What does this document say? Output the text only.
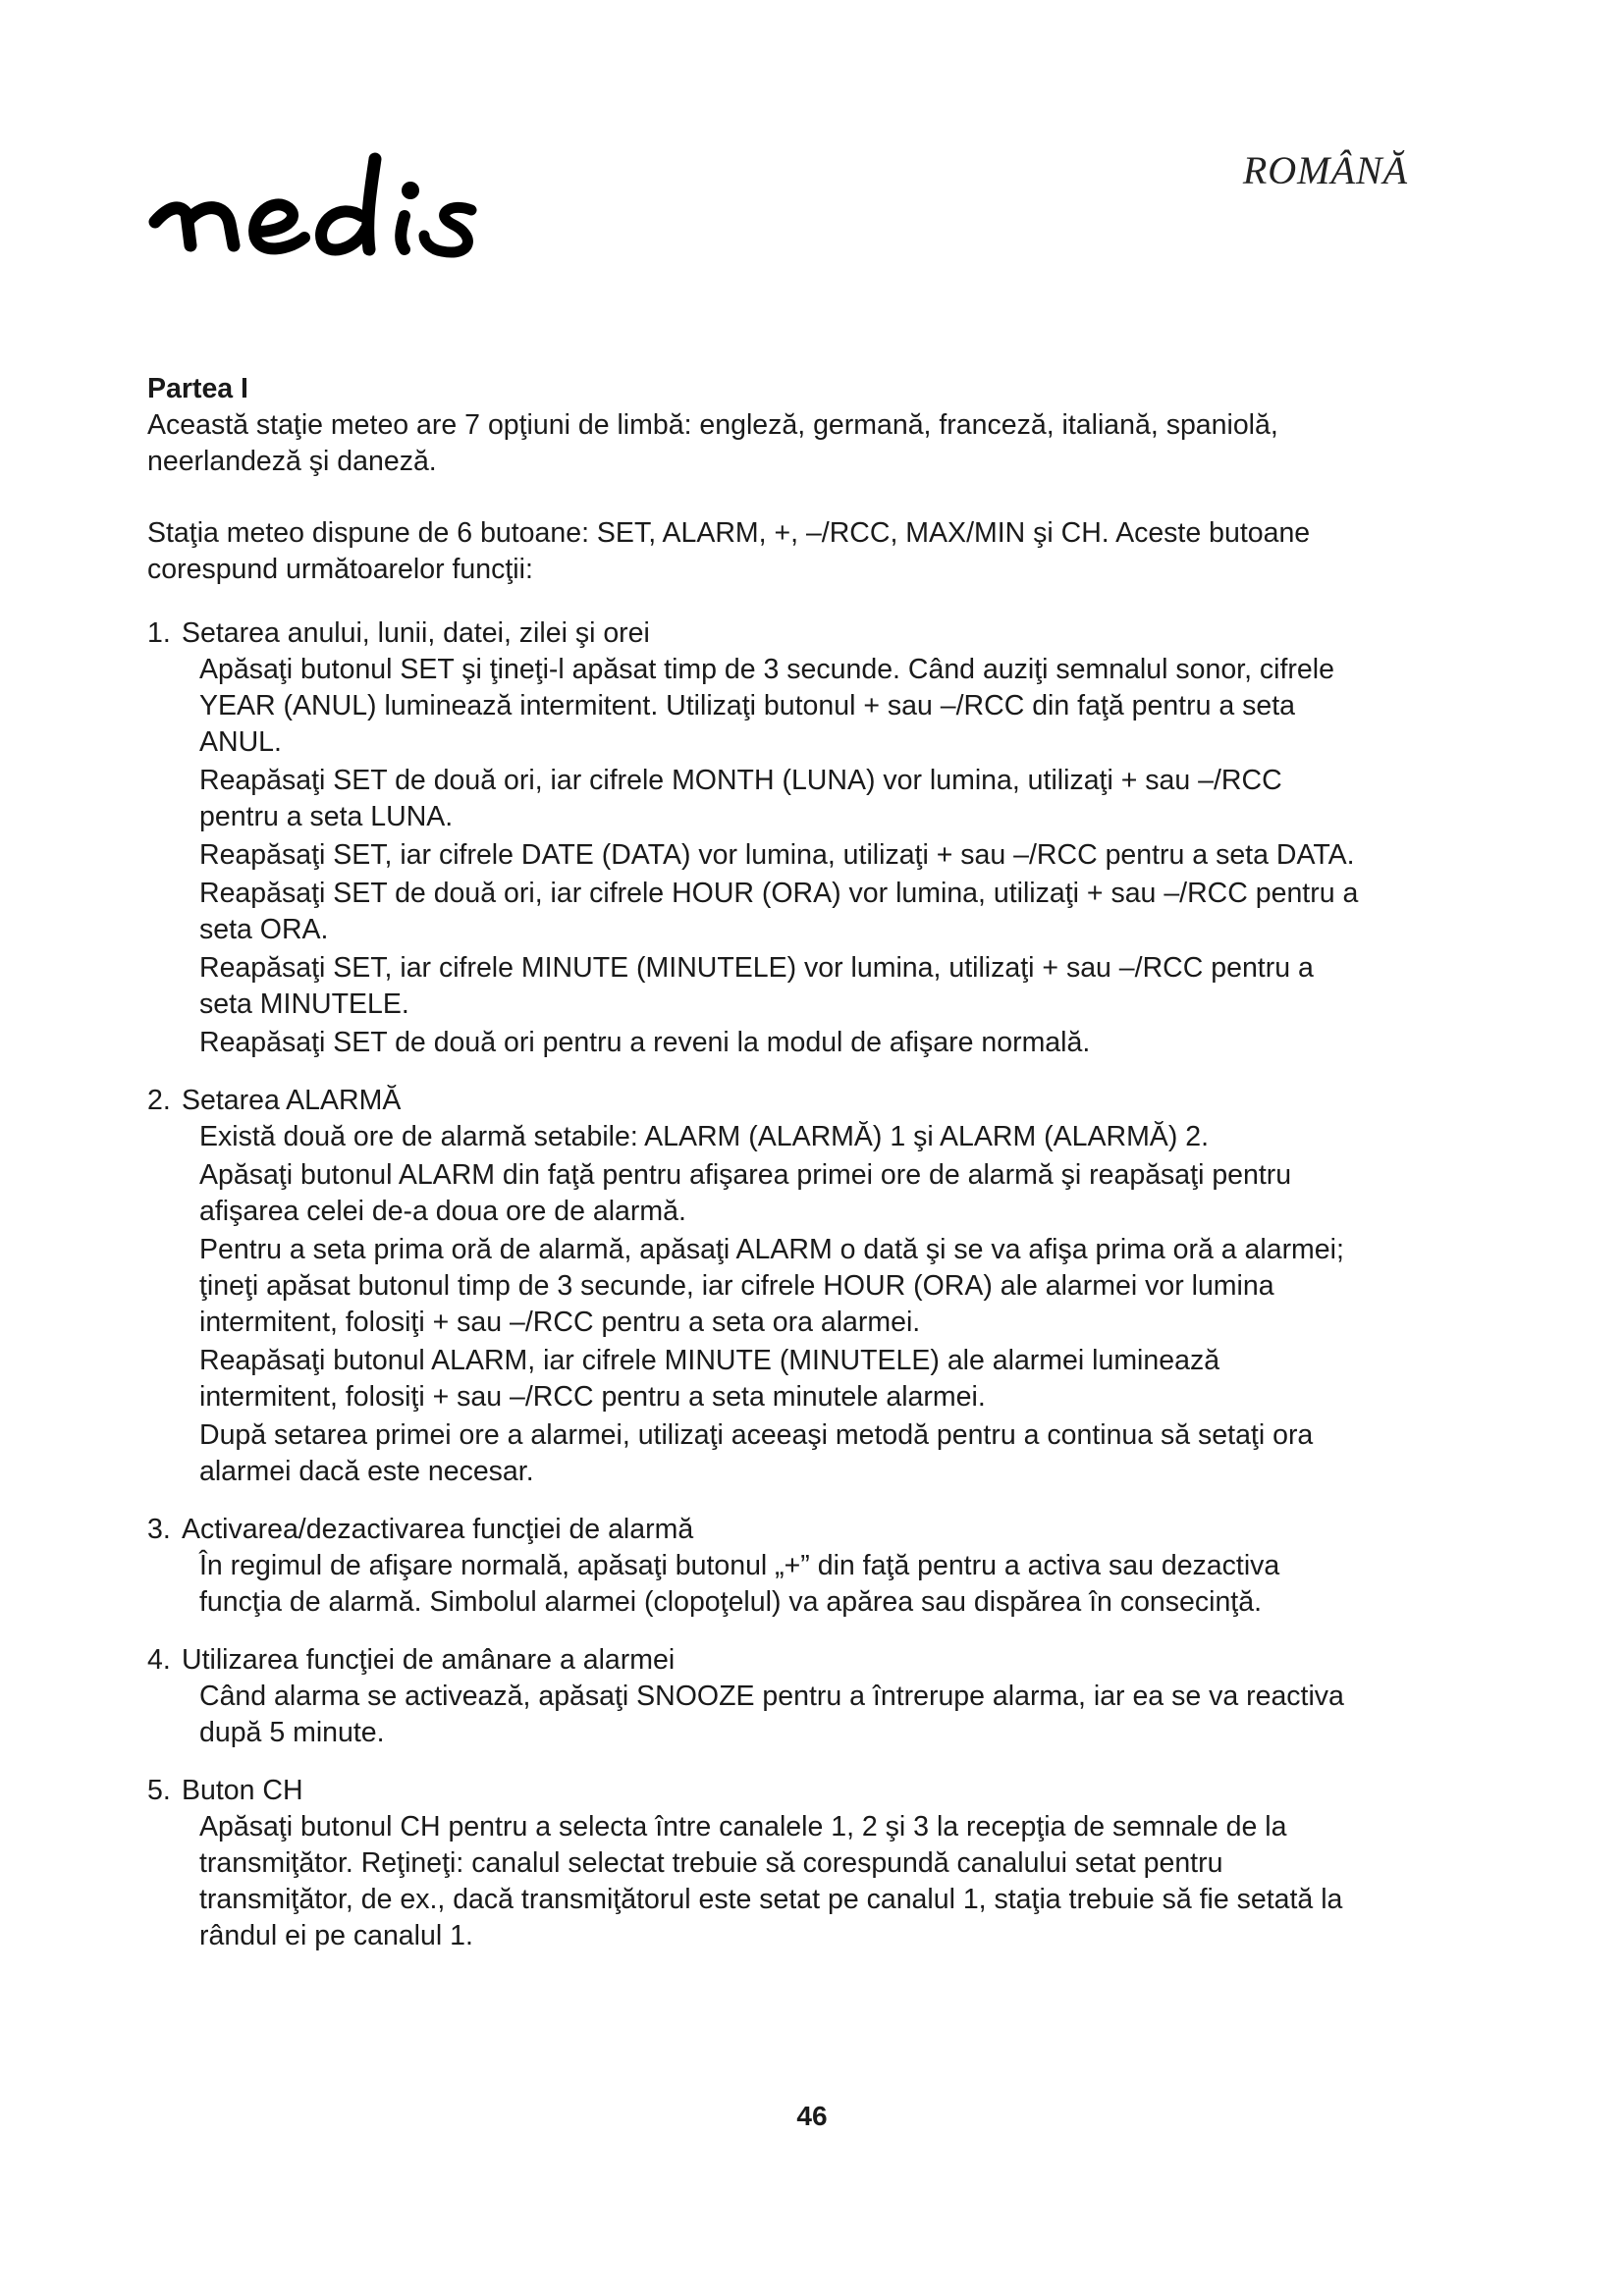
ROMÂNĂ

Partea I

Această staţie meteo are 7 opţiuni de limbă: engleză, germană, franceză, italiană, spaniolă, neerlandeză şi daneză.

Staţia meteo dispune de 6 butoane: SET, ALARM, +, –/RCC, MAX/MIN şi CH. Aceste butoane corespund următoarelor funcţii:

1. Setarea anului, lunii, datei, zilei şi orei

Apăsaţi butonul SET şi ţineţi-l apăsat timp de 3 secunde. Când auziţi semnalul sonor, cifrele YEAR (ANUL) luminează intermitent. Utilizaţi butonul + sau –/RCC din faţă pentru a seta ANUL.

Reapăsaţi SET de două ori, iar cifrele MONTH (LUNA) vor lumina, utilizaţi + sau –/RCC pentru a seta LUNA.

Reapăsaţi SET, iar cifrele DATE (DATA) vor lumina, utilizaţi + sau –/RCC pentru a seta DATA.

Reapăsaţi SET de două ori, iar cifrele HOUR (ORA) vor lumina, utilizaţi + sau –/RCC pentru a seta ORA.

Reapăsaţi SET, iar cifrele MINUTE (MINUTELE) vor lumina, utilizaţi + sau –/RCC pentru a seta MINUTELE.

Reapăsaţi SET de două ori pentru a reveni la modul de afişare normală.

2. Setarea ALARMĂ

Există două ore de alarmă setabile: ALARM (ALARMĂ) 1 şi ALARM (ALARMĂ) 2.

Apăsaţi butonul ALARM din faţă pentru afişarea primei ore de alarmă şi reapăsaţi pentru afişarea celei de-a doua ore de alarmă.

Pentru a seta prima oră de alarmă, apăsaţi ALARM o dată şi se va afişa prima oră a alarmei; ţineţi apăsat butonul timp de 3 secunde, iar cifrele HOUR (ORA) ale alarmei vor lumina intermitent, folosiţi + sau –/RCC pentru a seta ora alarmei.

Reapăsaţi butonul ALARM, iar cifrele MINUTE (MINUTELE) ale alarmei luminează intermitent, folosiţi + sau –/RCC pentru a seta minutele alarmei.

După setarea primei ore a alarmei, utilizaţi aceeaşi metodă pentru a continua să setaţi ora alarmei dacă este necesar.

3. Activarea/dezactivarea funcţiei de alarmă

În regimul de afişare normală, apăsaţi butonul „+” din faţă pentru a activa sau dezactiva funcţia de alarmă. Simbolul alarmei (clopoţelul) va apărea sau dispărea în consecinţă.

4. Utilizarea funcţiei de amânare a alarmei

Când alarma se activează, apăsaţi SNOOZE pentru a întrerupe alarma, iar ea se va reactiva după 5 minute.

5. Buton CH

Apăsaţi butonul CH pentru a selecta între canalele 1, 2 şi 3 la recepţia de semnale de la transmiţător. Reţineţi: canalul selectat trebuie să corespundă canalului setat pentru transmiţător, de ex., dacă transmiţătorul este setat pe canalul 1, staţia trebuie să fie setată la rândul ei pe canalul 1.

46
